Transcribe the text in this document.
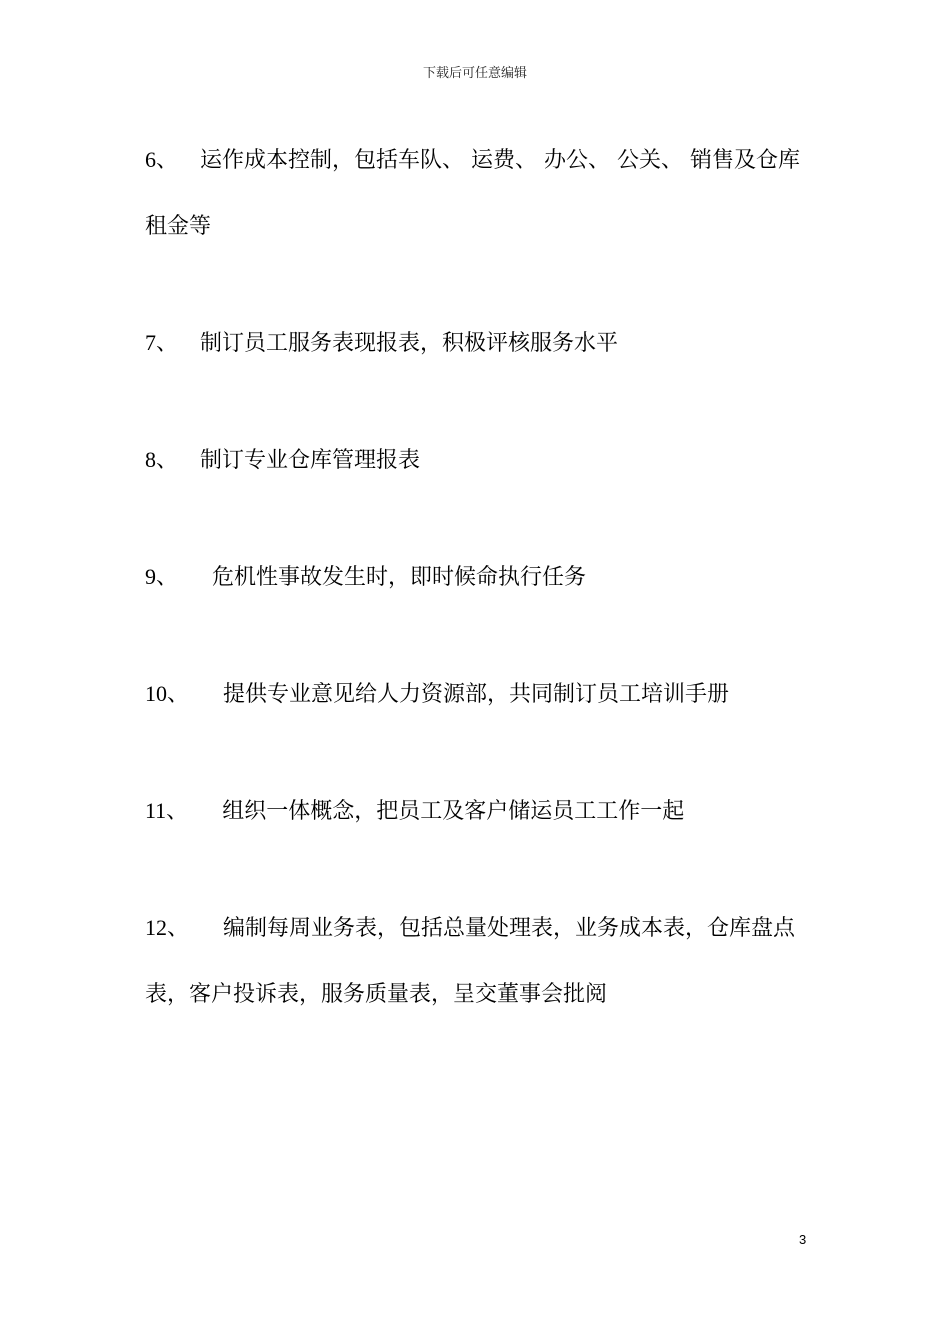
下载后可任意编辑

6、 运作成本控制，包括车队、 运费、 办公、 公关、 销售及仓库租金等

7、 制订员工服务表现报表，积极评核服务水平

8、 制订专业仓库管理报表

9、 危机性事故发生时，即时候命执行任务

10、 提供专业意见给人力资源部，共同制订员工培训手册

11、 组织一体概念，把员工及客户储运员工工作一起

12、 编制每周业务表，包括总量处理表，业务成本表，仓库盘点表，客户投诉表，服务质量表，呈交董事会批阅

3
